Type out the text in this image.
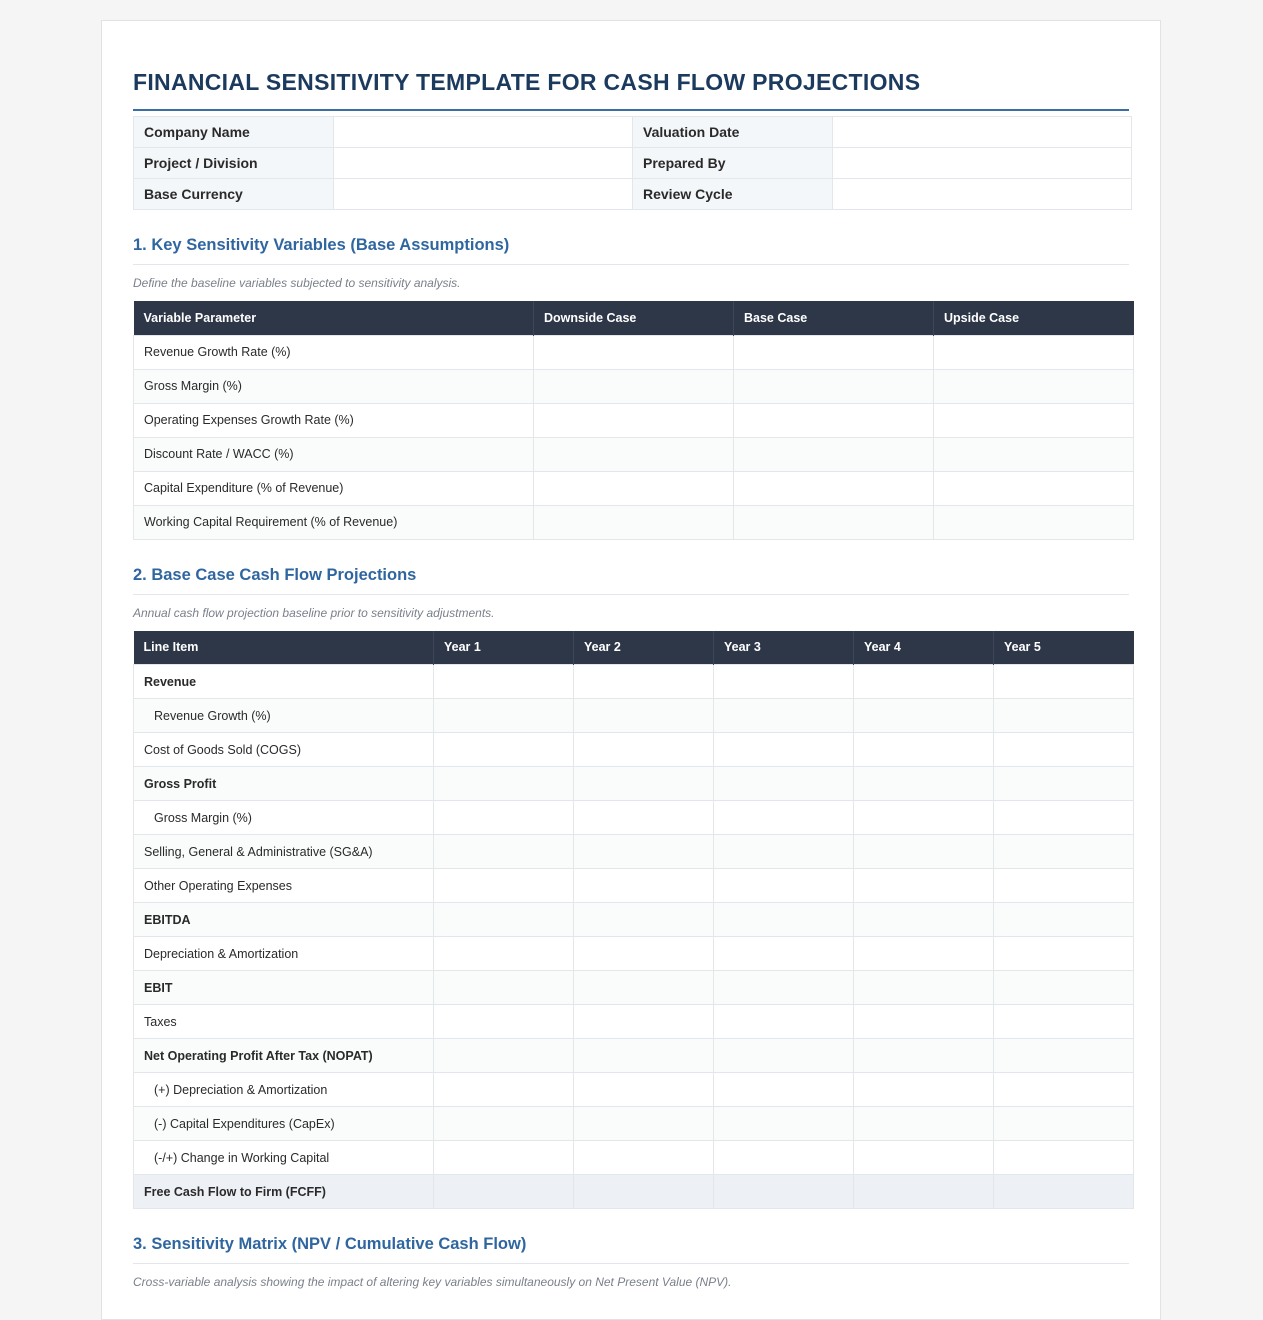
FINANCIAL SENSITIVITY TEMPLATE FOR CASH FLOW PROJECTIONS
Company Name		Valuation Date	
Project / Division		Prepared By	
Base Currency		Review Cycle	
1. Key Sensitivity Variables (Base Assumptions)
Define the baseline variables subjected to sensitivity analysis.
Variable Parameter	Downside Case	Base Case	Upside Case
Revenue Growth Rate (%)			
Gross Margin (%)			
Operating Expenses Growth Rate (%)			
Discount Rate / WACC (%)			
Capital Expenditure (% of Revenue)			
Working Capital Requirement (% of Revenue)			
2. Base Case Cash Flow Projections
Annual cash flow projection baseline prior to sensitivity adjustments.
Line Item	Year 1	Year 2	Year 3	Year 4	Year 5
Revenue					
Revenue Growth (%)					
Cost of Goods Sold (COGS)					
Gross Profit					
Gross Margin (%)					
Selling, General & Administrative (SG&A)					
Other Operating Expenses					
EBITDA					
Depreciation & Amortization					
EBIT					
Taxes					
Net Operating Profit After Tax (NOPAT)					
(+) Depreciation & Amortization					
(-) Capital Expenditures (CapEx)					
(-/+) Change in Working Capital					
Free Cash Flow to Firm (FCFF)					
3. Sensitivity Matrix (NPV / Cumulative Cash Flow)
Cross-variable analysis showing the impact of altering key variables simultaneously on Net Present Value (NPV).
